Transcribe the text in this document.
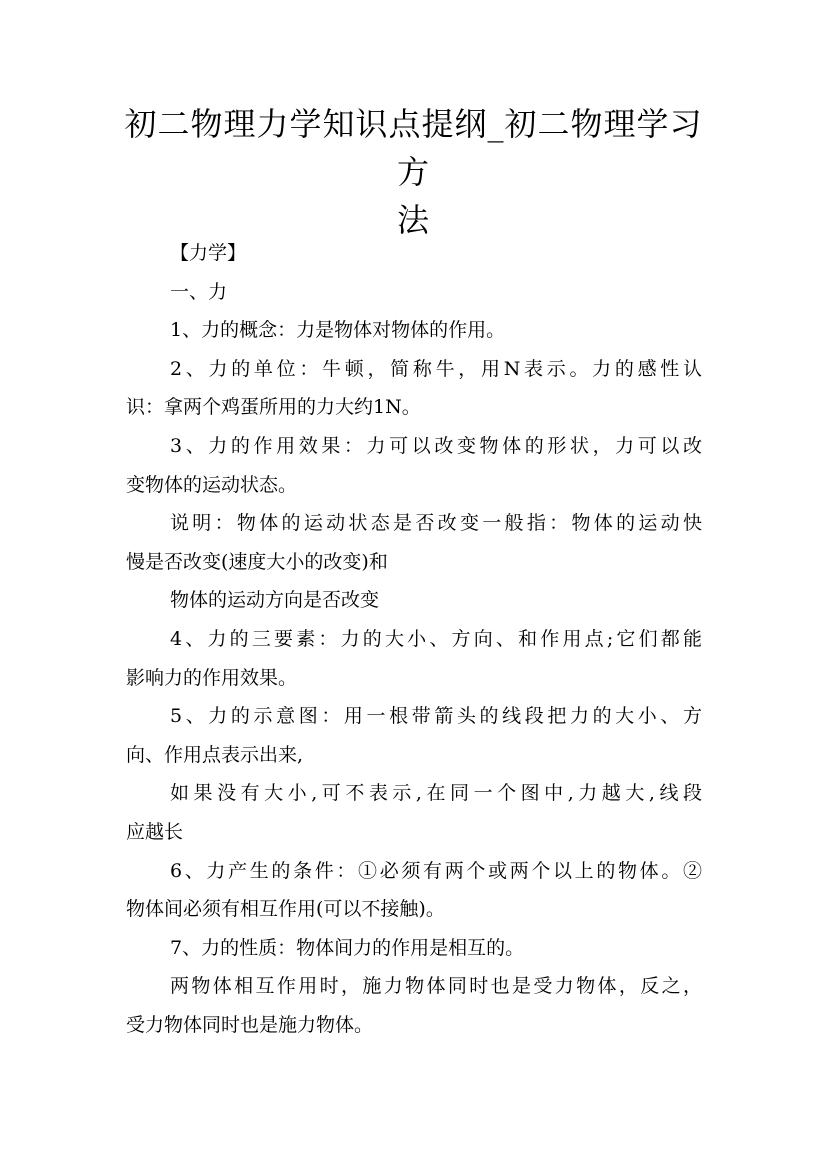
初二物理力学知识点提纲_初二物理学习方
法
【力学】
一、力
1、力的概念：力是物体对物体的作用。
2、力的单位：牛顿，简称牛，用N表示。力的感性认
识：拿两个鸡蛋所用的力大约1N。
3、力的作用效果：力可以改变物体的形状，力可以改
变物体的运动状态。
说明：物体的运动状态是否改变一般指：物体的运动快
慢是否改变(速度大小的改变)和
物体的运动方向是否改变
4、力的三要素：力的大小、方向、和作用点;它们都能
影响力的作用效果。
5、力的示意图：用一根带箭头的线段把力的大小、方
向、作用点表示出来,
如果没有大小,可不表示,在同一个图中,力越大,线段
应越长
6、力产生的条件：①必须有两个或两个以上的物体。②
物体间必须有相互作用(可以不接触)。
7、力的性质：物体间力的作用是相互的。
两物体相互作用时，施力物体同时也是受力物体，反之，
受力物体同时也是施力物体。
